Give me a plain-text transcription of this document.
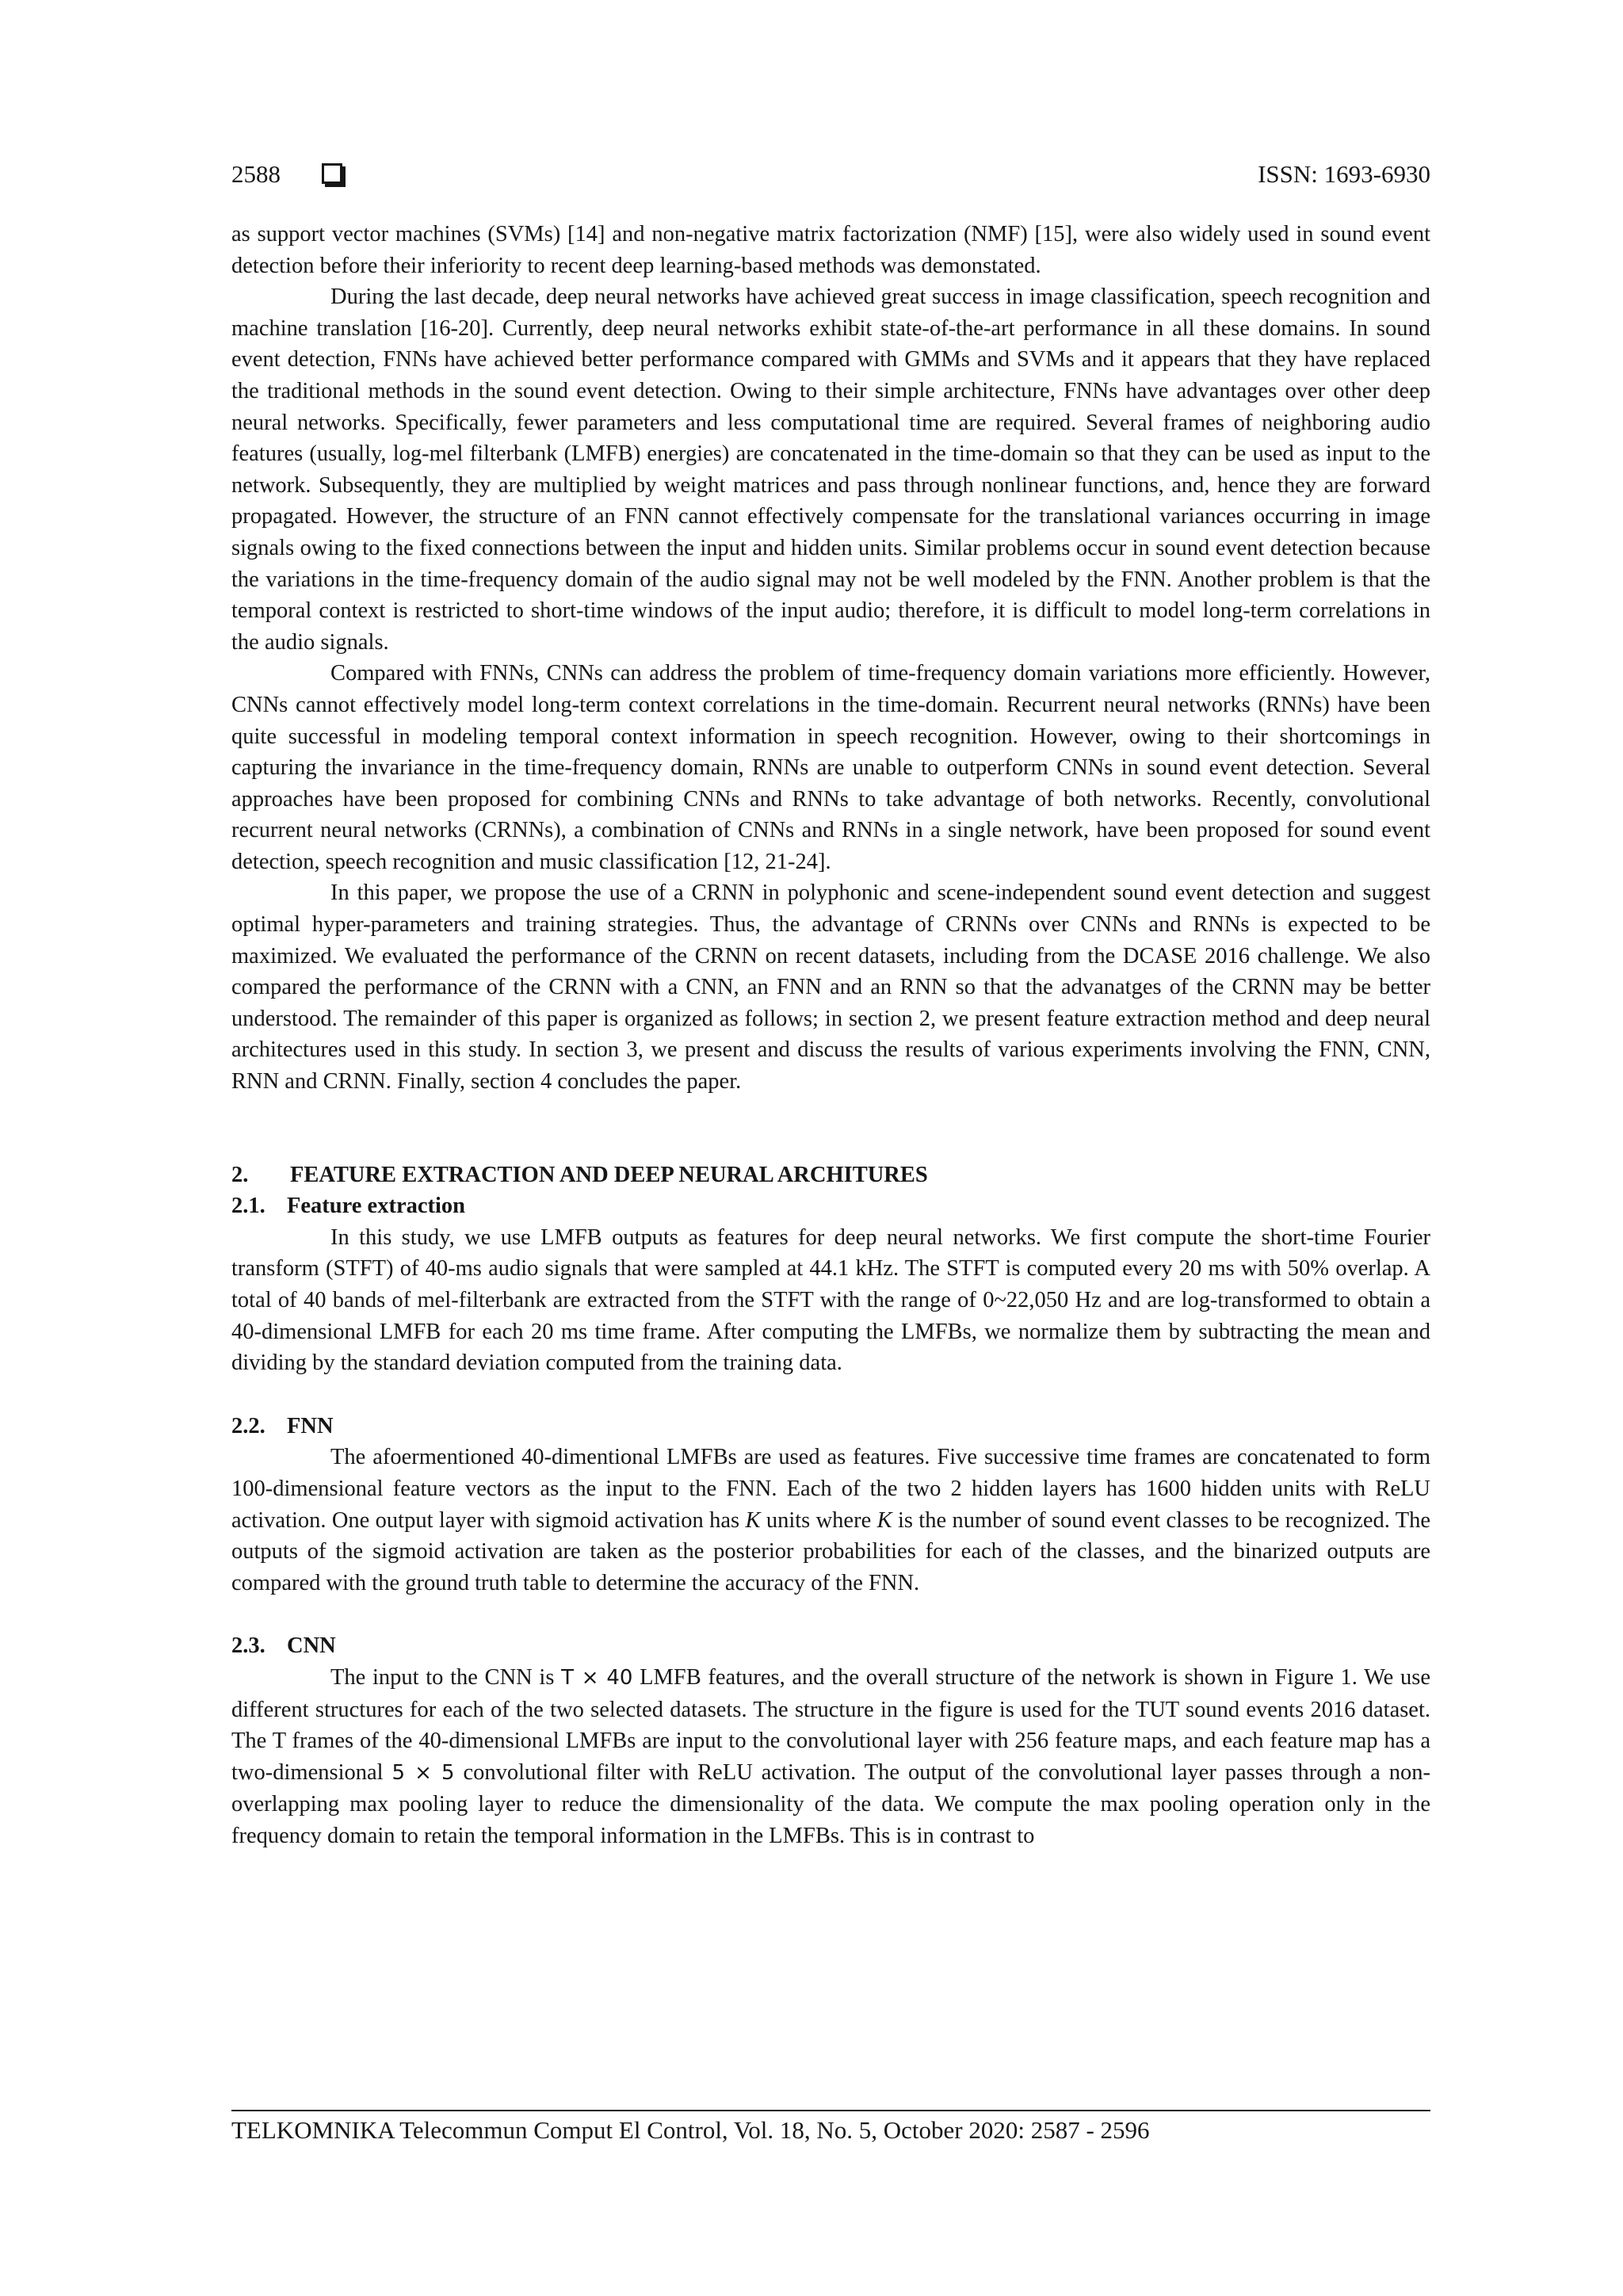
2588	ISSN: 1693-6930

as support vector machines (SVMs) [14] and non-negative matrix factorization (NMF) [15], were also widely used in sound event detection before their inferiority to recent deep learning-based methods was demonstated.

During the last decade, deep neural networks have achieved great success in image classification, speech recognition and machine translation [16-20]. Currently, deep neural networks exhibit state-of-the-art performance in all these domains. In sound event detection, FNNs have achieved better performance compared with GMMs and SVMs and it appears that they have replaced the traditional methods in the sound event detection. Owing to their simple architecture, FNNs have advantages over other deep neural networks. Specifically, fewer parameters and less computational time are required. Several frames of neighboring audio features (usually, log-mel filterbank (LMFB) energies) are concatenated in the time-domain so that they can be used as input to the network. Subsequently, they are multiplied by weight matrices and pass through nonlinear functions, and, hence they are forward propagated. However, the structure of an FNN cannot effectively compensate for the translational variances occurring in image signals owing to the fixed connections between the input and hidden units. Similar problems occur in sound event detection because the variations in the time-frequency domain of the audio signal may not be well modeled by the FNN. Another problem is that the temporal context is restricted to short-time windows of the input audio; therefore, it is difficult to model long-term correlations in the audio signals.

Compared with FNNs, CNNs can address the problem of time-frequency domain variations more efficiently. However, CNNs cannot effectively model long-term context correlations in the time-domain. Recurrent neural networks (RNNs) have been quite successful in modeling temporal context information in speech recognition. However, owing to their shortcomings in capturing the invariance in the time-frequency domain, RNNs are unable to outperform CNNs in sound event detection. Several approaches have been proposed for combining CNNs and RNNs to take advantage of both networks. Recently, convolutional recurrent neural networks (CRNNs), a combination of CNNs and RNNs in a single network, have been proposed for sound event detection, speech recognition and music classification [12, 21-24].

In this paper, we propose the use of a CRNN in polyphonic and scene-independent sound event detection and suggest optimal hyper-parameters and training strategies. Thus, the advantage of CRNNs over CNNs and RNNs is expected to be maximized. We evaluated the performance of the CRNN on recent datasets, including from the DCASE 2016 challenge. We also compared the performance of the CRNN with a CNN, an FNN and an RNN so that the advanatges of the CRNN may be better understood. The remainder of this paper is organized as follows; in section 2, we present feature extraction method and deep neural architectures used in this study. In section 3, we present and discuss the results of various experiments involving the FNN, CNN, RNN and CRNN. Finally, section 4 concludes the paper.

2. FEATURE EXTRACTION AND DEEP NEURAL ARCHITURES

2.1. Feature extraction

In this study, we use LMFB outputs as features for deep neural networks. We first compute the short-time Fourier transform (STFT) of 40-ms audio signals that were sampled at 44.1 kHz. The STFT is computed every 20 ms with 50% overlap. A total of 40 bands of mel-filterbank are extracted from the STFT with the range of 0~22,050 Hz and are log-transformed to obtain a 40-dimensional LMFB for each 20 ms time frame. After computing the LMFBs, we normalize them by subtracting the mean and dividing by the standard deviation computed from the training data.

2.2. FNN

The afoermentioned 40-dimentional LMFBs are used as features. Five successive time frames are concatenated to form 100-dimensional feature vectors as the input to the FNN. Each of the two 2 hidden layers has 1600 hidden units with ReLU activation. One output layer with sigmoid activation has K units where K is the number of sound event classes to be recognized. The outputs of the sigmoid activation are taken as the posterior probabilities for each of the classes, and the binarized outputs are compared with the ground truth table to determine the accuracy of the FNN.

2.3. CNN

The input to the CNN is T × 40 LMFB features, and the overall structure of the network is shown in Figure 1. We use different structures for each of the two selected datasets. The structure in the figure is used for the TUT sound events 2016 dataset. The T frames of the 40-dimensional LMFBs are input to the convolutional layer with 256 feature maps, and each feature map has a two-dimensional 5 × 5 convolutional filter with ReLU activation. The output of the convolutional layer passes through a non-overlapping max pooling layer to reduce the dimensionality of the data. We compute the max pooling operation only in the frequency domain to retain the temporal information in the LMFBs. This is in contrast to

TELKOMNIKA Telecommun Comput El Control, Vol. 18, No. 5, October 2020: 2587 - 2596
